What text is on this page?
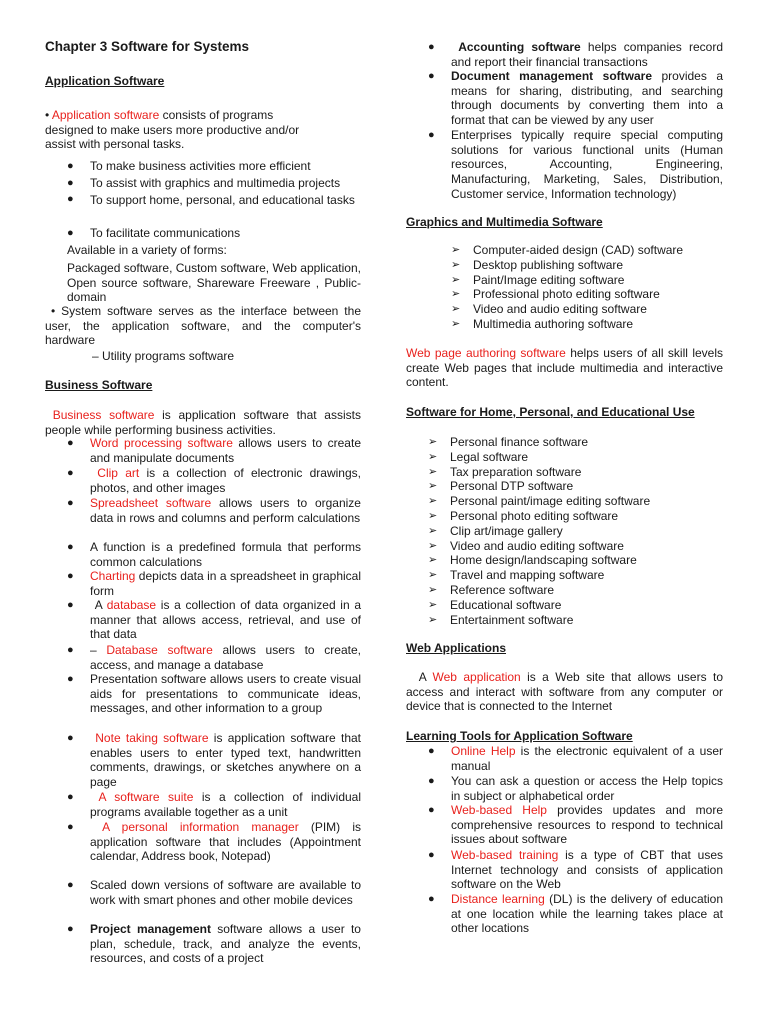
Chapter 3 Software for Systems
Application Software
• Application software consists of programs
designed to make users more productive and/or
assist with personal tasks.
● To make business activities more efficient
● To assist with graphics and multimedia projects
● To support home, personal, and educational tasks
● To facilitate communications
Available in a variety of forms:
Packaged software, Custom software, Web application, Open source software, Shareware Freeware , Public-domain
• System software serves as the interface between the user, the application software, and the computer's hardware
– Utility programs software
Business Software
Business software is application software that assists people while performing business activities.
● Word processing software allows users to create and manipulate documents
●	Clip art is a collection of electronic drawings, photos, and other images
● Spreadsheet software allows users to organize data in rows and columns and perform calculations
● A function is a predefined formula that performs common calculations
● Charting depicts data in a spreadsheet in graphical form
●	A database is a collection of data organized in a manner that allows access, retrieval, and use of that data
● – Database software allows users to create, access, and manage a database
● Presentation software allows users to create visual aids for presentations to communicate ideas, messages, and other information to a group
●	Note taking software is application software that enables users to enter typed text, handwritten comments, drawings, or sketches anywhere on a page
●	A software suite is a collection of individual programs available together as a unit
●	A personal information manager (PIM) is application software that includes (Appointment calendar, Address book, Notepad)
● Scaled down versions of software are available to work with smart phones and other mobile devices
● Project management software allows a user to plan, schedule, track, and analyze the events, resources, and costs of a project
●	Accounting software helps companies record and report their financial transactions
● Document management software provides a means for sharing, distributing, and searching through documents by converting them into a format that can be viewed by any user
● Enterprises typically require special computing solutions for various functional units (Human resources, Accounting, Engineering, Manufacturing, Marketing, Sales, Distribution, Customer service, Information technology)
Graphics and Multimedia Software
➢ Computer-aided design (CAD) software
➢ Desktop publishing software
➢ Paint/Image editing software
➢ Professional photo editing software
➢ Video and audio editing software
➢ Multimedia authoring software
Web page authoring software helps users of all skill levels create Web pages that include multimedia and interactive content.
Software for Home, Personal, and Educational Use
➢ Personal finance software
➢ Legal software
➢ Tax preparation software
➢ Personal DTP software
➢ Personal paint/image editing software
➢ Personal photo editing software
➢ Clip art/image gallery
➢ Video and audio editing software
➢ Home design/landscaping software
➢ Travel and mapping software
➢ Reference software
➢ Educational software
➢ Entertainment software
Web Applications
A Web application is a Web site that allows users to access and interact with software from any computer or device that is connected to the Internet
Learning Tools for Application Software
● Online Help is the electronic equivalent of a user manual
● You can ask a question or access the Help topics in subject or alphabetical order
● Web-based Help provides updates and more comprehensive resources to respond to technical issues about software
● Web-based training is a type of CBT that uses Internet technology and consists of application software on the Web
● Distance learning (DL) is the delivery of education at one location while the learning takes place at other locations
